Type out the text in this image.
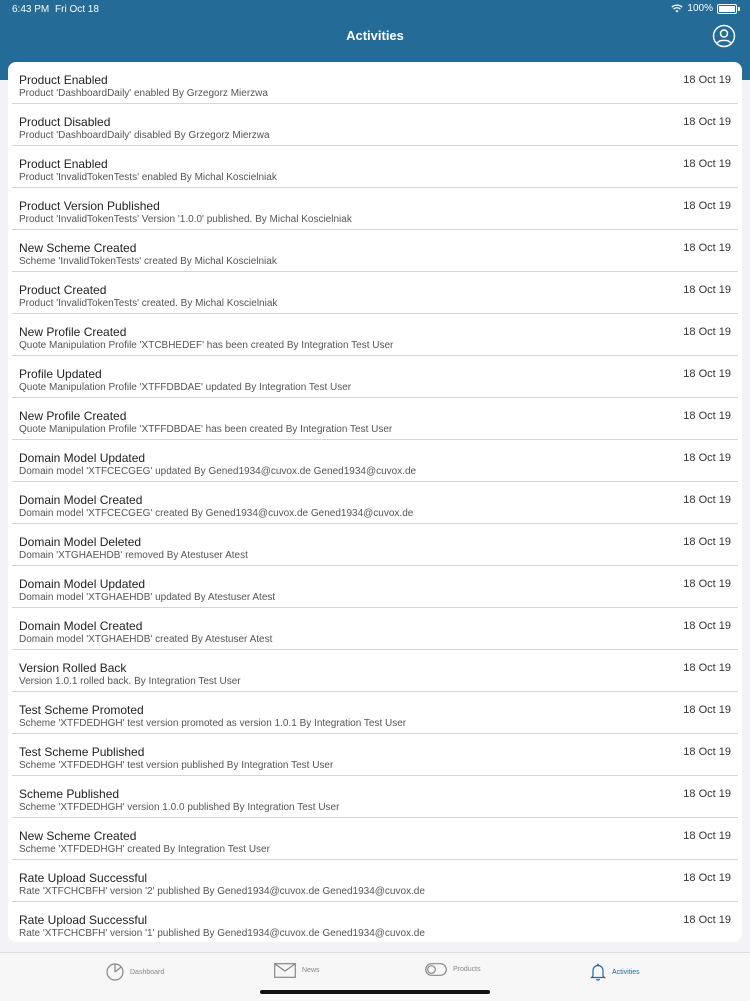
6:43 PM Fri Oct 18	100%
Activities
Product Enabled
Product 'DashboardDaily' enabled By Grzegorz Mierzwa
18 Oct 19
Product Disabled
Product 'DashboardDaily' disabled By Grzegorz Mierzwa
18 Oct 19
Product Enabled
Product 'InvalidTokenTests' enabled By Michal Koscielniak
18 Oct 19
Product Version Published
Product 'InvalidTokenTests' Version '1.0.0' published. By Michal Koscielniak
18 Oct 19
New Scheme Created
Scheme 'InvalidTokenTests' created By Michal Koscielniak
18 Oct 19
Product Created
Product 'InvalidTokenTests' created. By Michal Koscielniak
18 Oct 19
New Profile Created
Quote Manipulation Profile 'XTCBHEDEF' has been created By Integration Test User
18 Oct 19
Profile Updated
Quote Manipulation Profile 'XTFFDBDAE' updated By Integration Test User
18 Oct 19
New Profile Created
Quote Manipulation Profile 'XTFFDBDAE' has been created By Integration Test User
18 Oct 19
Domain Model Updated
Domain model 'XTFCECGEG' updated By Gened1934@cuvox.de Gened1934@cuvox.de
18 Oct 19
Domain Model Created
Domain model 'XTFCECGEG' created By Gened1934@cuvox.de Gened1934@cuvox.de
18 Oct 19
Domain Model Deleted
Domain 'XTGHAEHDB' removed By Atestuser Atest
18 Oct 19
Domain Model Updated
Domain model 'XTGHAEHDB' updated By Atestuser Atest
18 Oct 19
Domain Model Created
Domain model 'XTGHAEHDB' created By Atestuser Atest
18 Oct 19
Version Rolled Back
Version 1.0.1 rolled back. By Integration Test User
18 Oct 19
Test Scheme Promoted
Scheme 'XTFDEDHGH' test version promoted as version 1.0.1 By Integration Test User
18 Oct 19
Test Scheme Published
Scheme 'XTFDEDHGH' test version published By Integration Test User
18 Oct 19
Scheme Published
Scheme 'XTFDEDHGH' version 1.0.0 published By Integration Test User
18 Oct 19
New Scheme Created
Scheme 'XTFDEDHGH' created By Integration Test User
18 Oct 19
Rate Upload Successful
Rate 'XTFCHCBFH' version '2' published By Gened1934@cuvox.de Gened1934@cuvox.de
18 Oct 19
Rate Upload Successful
Rate 'XTFCHCBFH' version '1' published By Gened1934@cuvox.de Gened1934@cuvox.de
18 Oct 19
Dashboard	News	Products	Activities
